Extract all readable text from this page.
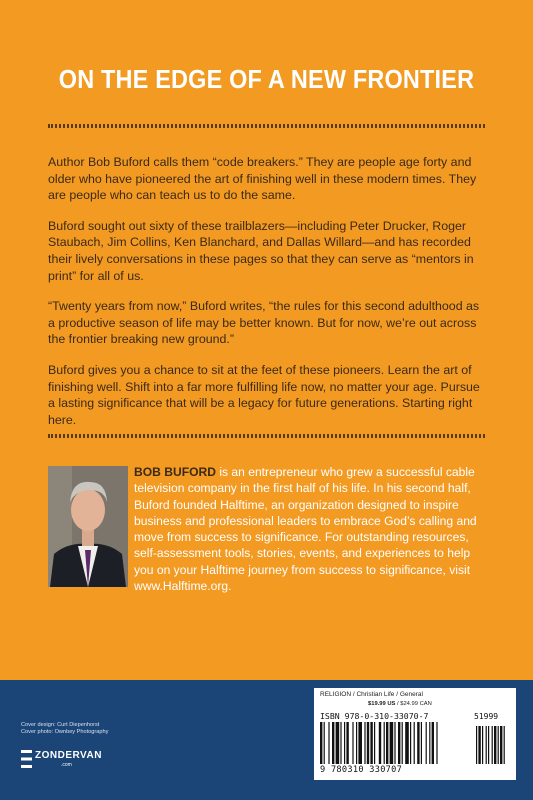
ON THE EDGE OF A NEW FRONTIER

Author Bob Buford calls them “code breakers.” They are people age forty and older who have pioneered the art of finishing well in these modern times. They are people who can teach us to do the same.

Buford sought out sixty of these trailblazers—including Peter Drucker, Roger Staubach, Jim Collins, Ken Blanchard, and Dallas Willard—and has recorded their lively conversations in these pages so that they can serve as “mentors in print” for all of us.

“Twenty years from now,” Buford writes, “the rules for this second adulthood as a productive season of life may be better known. But for now, we’re out across the frontier breaking new ground.”

Buford gives you a chance to sit at the feet of these pioneers. Learn the art of finishing well. Shift into a far more fulfilling life now, no matter your age. Pursue a lasting significance that will be a legacy for future generations. Starting right here.

BOB BUFORD is an entrepreneur who grew a successful cable television company in the first half of his life. In his second half, Buford founded Halftime, an organization designed to inspire business and professional leaders to embrace God’s calling and move from success to significance. For outstanding resources, self-assessment tools, stories, events, and experiences to help you on your Halftime journey from success to significance, visit www.Halftime.org.
Cover design: Curt Diepenhorst
Cover photo: Ownbey Photography
ZONDERVAN
.com
RELIGION / Christian Life / General
$19.99 US / $24.99 CAN
ISBN 978-0-310-33070-7	51999
9 780310 330707
